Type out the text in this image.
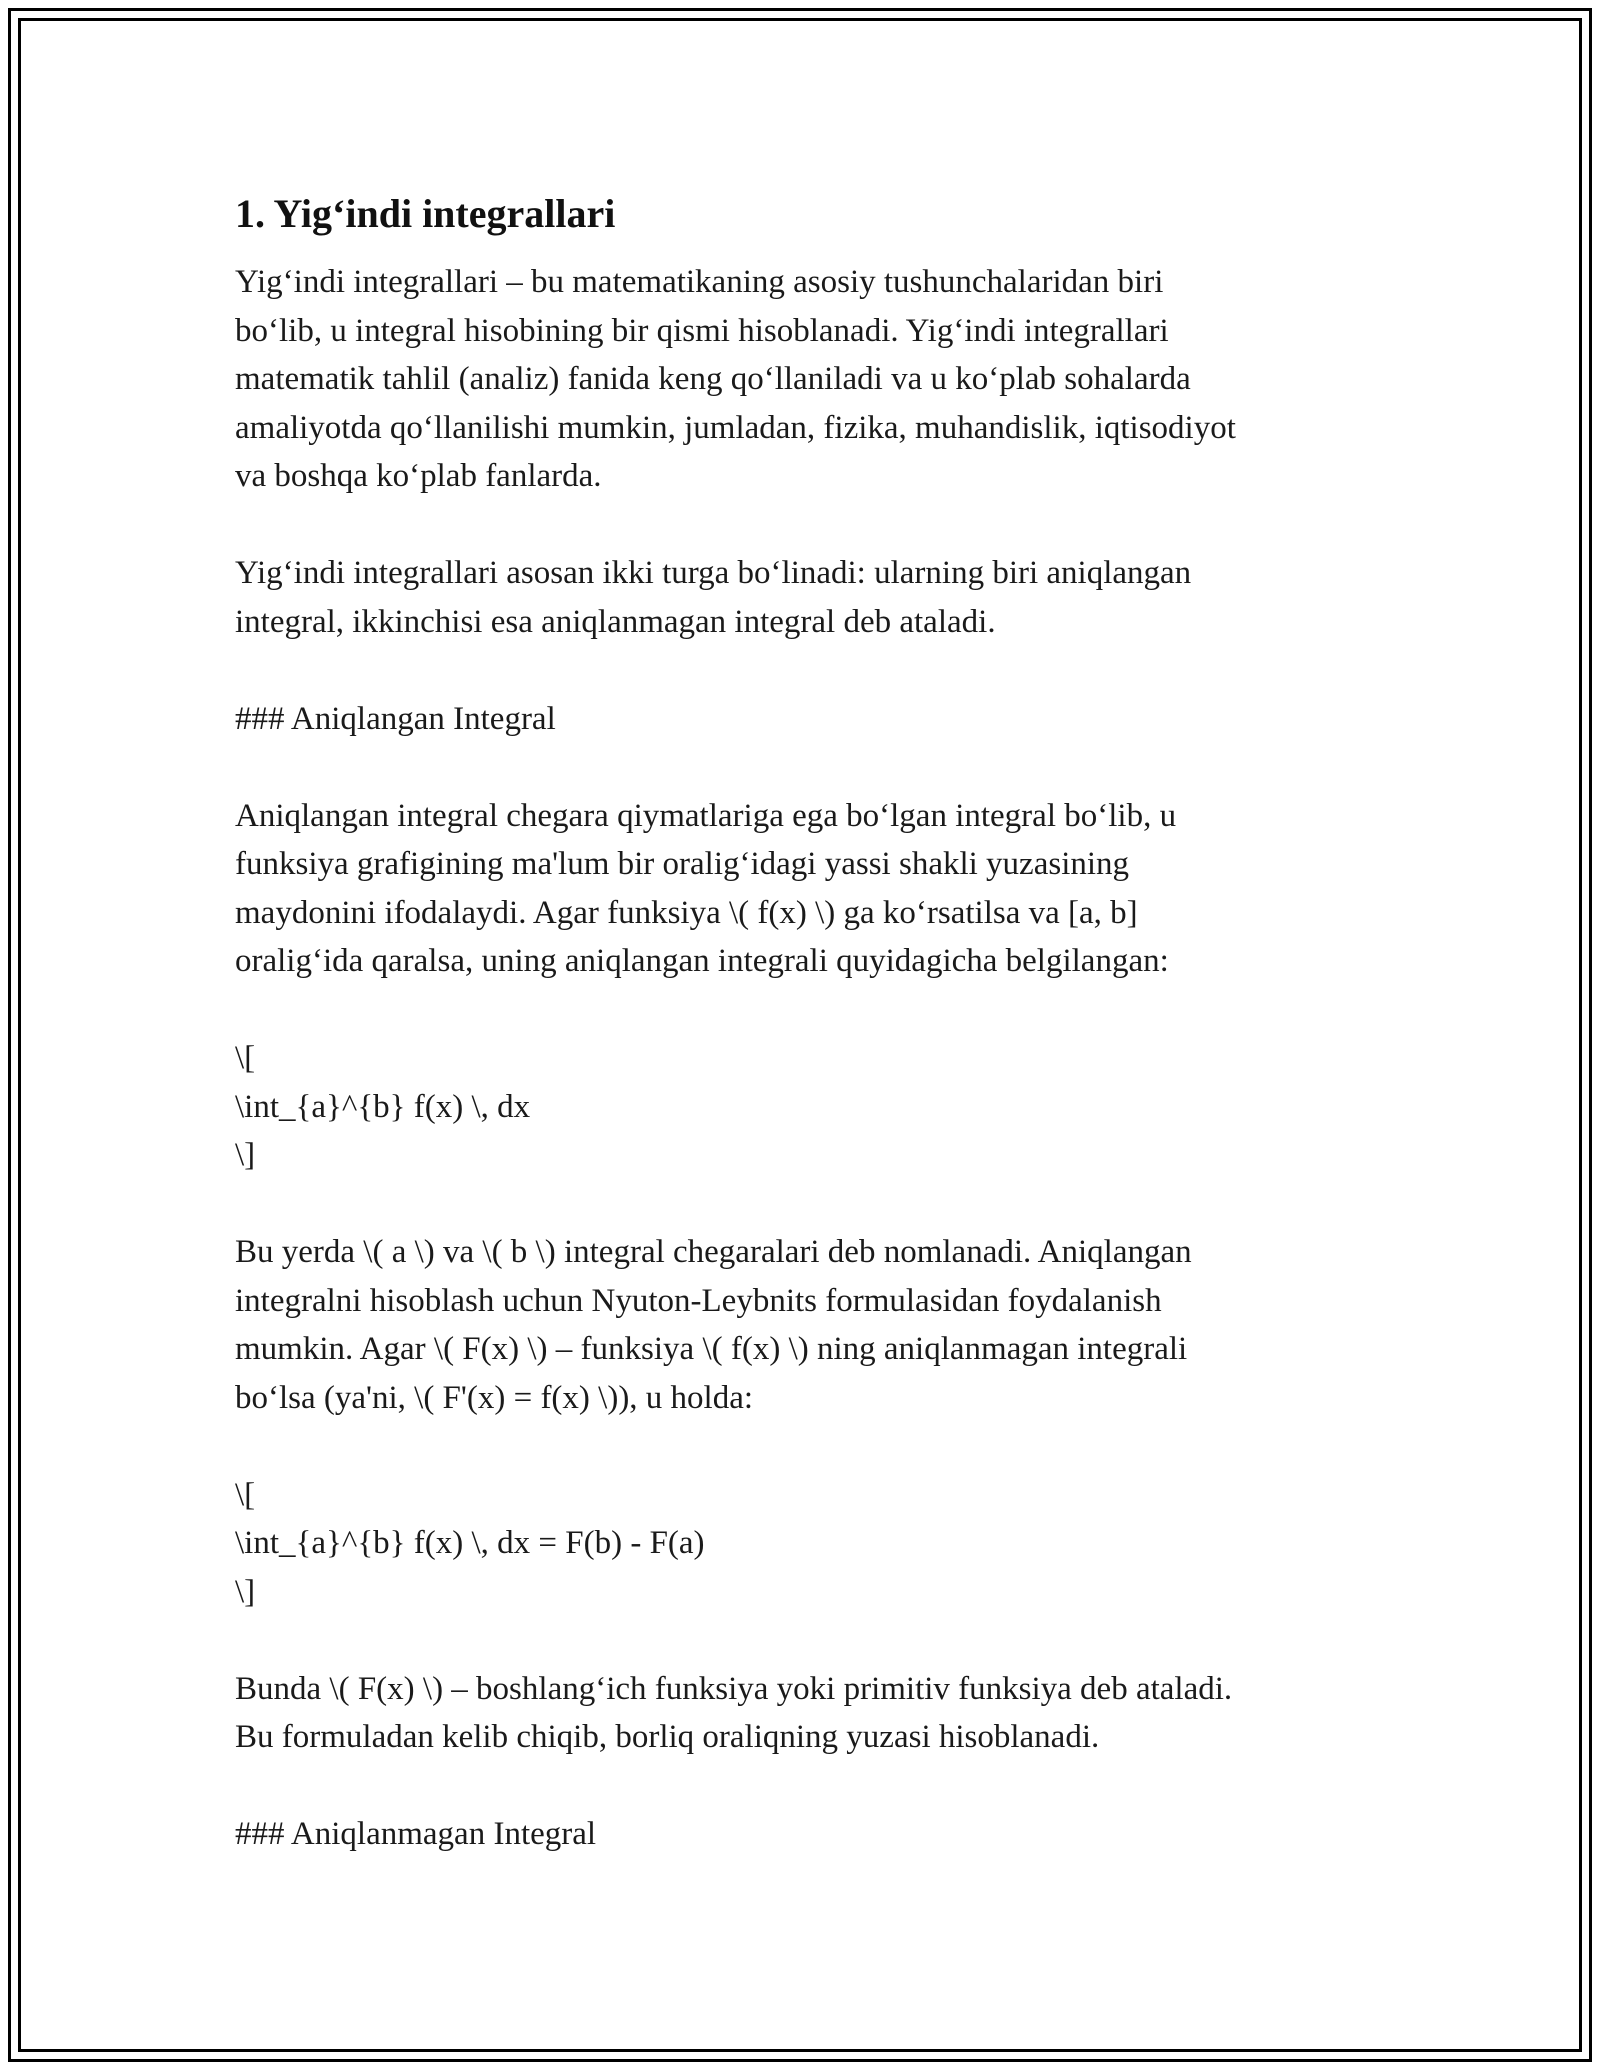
1. Yig‘indi integrallari

Yig‘indi integrallari – bu matematikaning asosiy tushunchalaridan biri
bo‘lib, u integral hisobining bir qismi hisoblanadi. Yig‘indi integrallari
matematik tahlil (analiz) fanida keng qo‘llaniladi va u ko‘plab sohalarda
amaliyotda qo‘llanilishi mumkin, jumladan, fizika, muhandislik, iqtisodiyot
va boshqa ko‘plab fanlarda.

Yig‘indi integrallari asosan ikki turga bo‘linadi: ularning biri aniqlangan
integral, ikkinchisi esa aniqlanmagan integral deb ataladi.

### Aniqlangan Integral

Aniqlangan integral chegara qiymatlariga ega bo‘lgan integral bo‘lib, u
funksiya grafigining ma'lum bir oralig‘idagi yassi shakli yuzasining
maydonini ifodalaydi. Agar funksiya \( f(x) \) ga ko‘rsatilsa va [a, b]
oralig‘ida qaralsa, uning aniqlangan integrali quyidagicha belgilangan:

\[
\int_{a}^{b} f(x) \, dx
\]

Bu yerda \( a \) va \( b \) integral chegaralari deb nomlanadi. Aniqlangan
integralni hisoblash uchun Nyuton-Leybnits formulasidan foydalanish
mumkin. Agar \( F(x) \) – funksiya \( f(x) \) ning aniqlanmagan integrali
bo‘lsa (ya'ni, \( F'(x) = f(x) \)), u holda:

\[
\int_{a}^{b} f(x) \, dx = F(b) - F(a)
\]

Bunda \( F(x) \) – boshlang‘ich funksiya yoki primitiv funksiya deb ataladi.
Bu formuladan kelib chiqib, borliq oraliqning yuzasi hisoblanadi.

### Aniqlanmagan Integral
